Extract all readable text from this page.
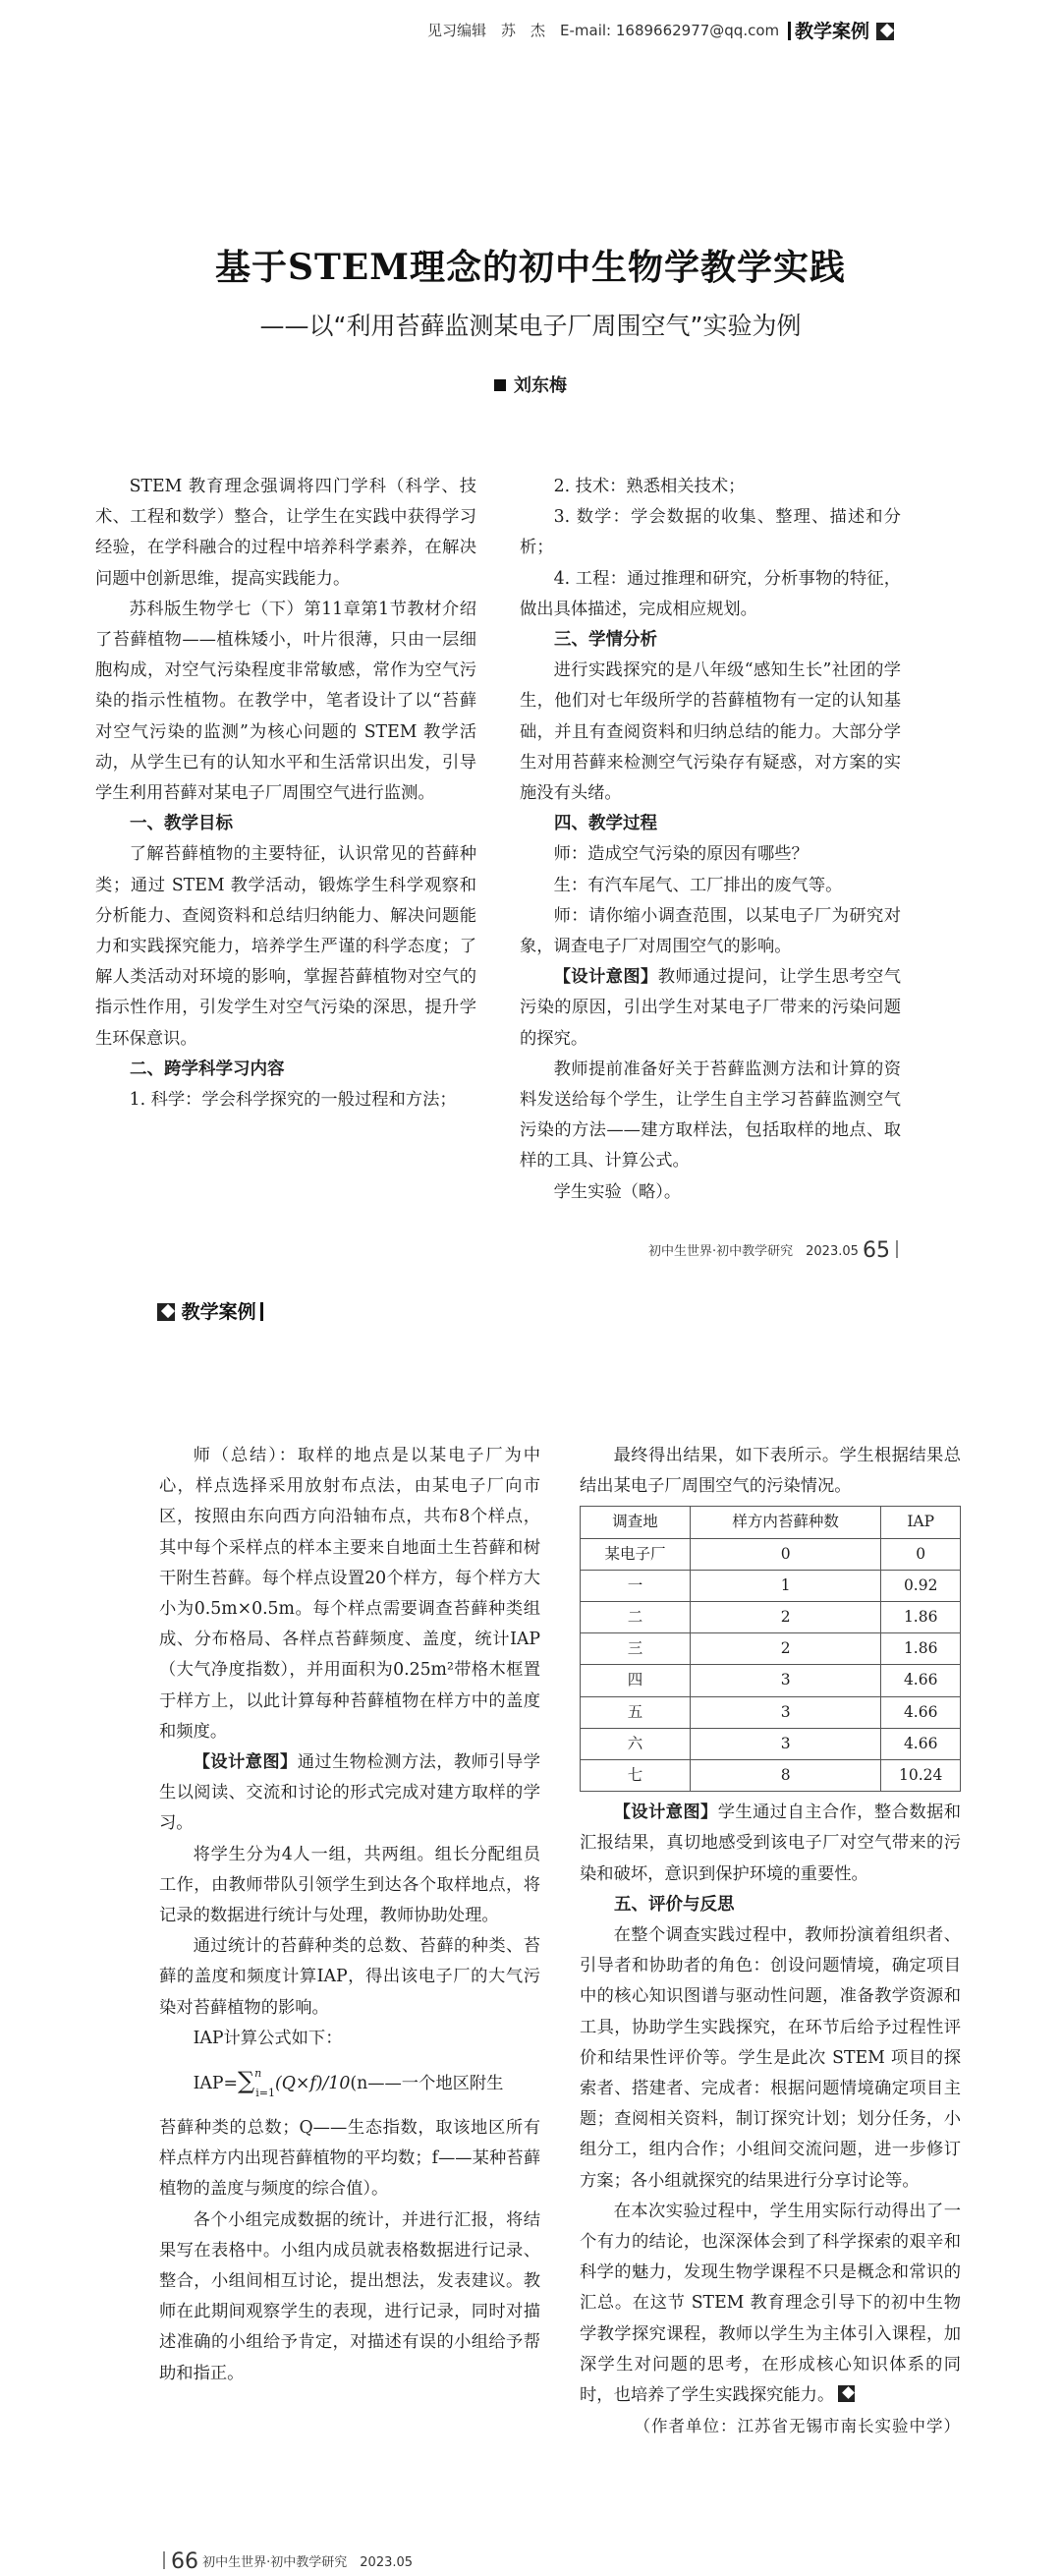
见习编辑　苏　杰　E-mail: 1689662977@qq.com 教学案例
基于STEM理念的初中生物学教学实践
——以“利用苔藓监测某电子厂周围空气”实验为例
刘东梅

STEM 教育理念强调将四门学科（科学、技术、工程和数学）整合，让学生在实践中获得学习经验，在学科融合的过程中培养科学素养，在解决问题中创新思维，提高实践能力。

苏科版生物学七（下）第11章第1节教材介绍了苔藓植物——植株矮小，叶片很薄，只由一层细胞构成，对空气污染程度非常敏感，常作为空气污染的指示性植物。在教学中，笔者设计了以“苔藓对空气污染的监测”为核心问题的 STEM 教学活动，从学生已有的认知水平和生活常识出发，引导学生利用苔藓对某电子厂周围空气进行监测。

一、教学目标

了解苔藓植物的主要特征，认识常见的苔藓种类；通过 STEM 教学活动，锻炼学生科学观察和分析能力、查阅资料和总结归纳能力、解决问题能力和实践探究能力，培养学生严谨的科学态度；了解人类活动对环境的影响，掌握苔藓植物对空气的指示性作用，引发学生对空气污染的深思，提升学生环保意识。

二、跨学科学习内容

1. 科学：学会科学探究的一般过程和方法；

2. 技术：熟悉相关技术；

3. 数学：学会数据的收集、整理、描述和分析；

4. 工程：通过推理和研究，分析事物的特征，做出具体描述，完成相应规划。

三、学情分析

进行实践探究的是八年级“感知生长”社团的学生，他们对七年级所学的苔藓植物有一定的认知基础，并且有查阅资料和归纳总结的能力。大部分学生对用苔藓来检测空气污染存有疑惑，对方案的实施没有头绪。

四、教学过程

师：造成空气污染的原因有哪些？

生：有汽车尾气、工厂排出的废气等。

师：请你缩小调查范围，以某电子厂为研究对象，调查电子厂对周围空气的影响。

【设计意图】教师通过提问，让学生思考空气污染的原因，引出学生对某电子厂带来的污染问题的探究。

教师提前准备好关于苔藓监测方法和计算的资料发送给每个学生，让学生自主学习苔藓监测空气污染的方法——建方取样法，包括取样的地点、取样的工具、计算公式。

学生实验（略）。

初中生世界·初中教学研究　2023.05 65
教学案例

师（总结）：取样的地点是以某电子厂为中心，样点选择采用放射布点法，由某电子厂向市区，按照由东向西方向沿轴布点，共布8个样点，其中每个采样点的样本主要来自地面土生苔藓和树干附生苔藓。每个样点设置20个样方，每个样方大小为0.5m×0.5m。每个样点需要调查苔藓种类组成、分布格局、各样点苔藓频度、盖度，统计IAP（大气净度指数），并用面积为0.25m²带格木框置于样方上，以此计算每种苔藓植物在样方中的盖度和频度。

【设计意图】通过生物检测方法，教师引导学生以阅读、交流和讨论的形式完成对建方取样的学习。

将学生分为4人一组，共两组。组长分配组员工作，由教师带队引领学生到达各个取样地点，将记录的数据进行统计与处理，教师协助处理。

通过统计的苔藓种类的总数、苔藓的种类、苔藓的盖度和频度计算IAP，得出该电子厂的大气污染对苔藓植物的影响。

IAP计算公式如下：

IAP=∑$^n_{i=1}$(Q×f)/10(n——一个地区附生

苔藓种类的总数；Q——生态指数，取该地区所有样点样方内出现苔藓植物的平均数；f——某种苔藓植物的盖度与频度的综合值）。

各个小组完成数据的统计，并进行汇报，将结果写在表格中。小组内成员就表格数据进行记录、整合，小组间相互讨论，提出想法，发表建议。教师在此期间观察学生的表现，进行记录，同时对描述准确的小组给予肯定，对描述有误的小组给予帮助和指正。

最终得出结果，如下表所示。学生根据结果总结出某电子厂周围空气的污染情况。

调查地	样方内苔藓种数	IAP
某电子厂	0	0
一	1	0.92
二	2	1.86
三	2	1.86
四	3	4.66
五	3	4.66
六	3	4.66
七	8	10.24

【设计意图】学生通过自主合作，整合数据和汇报结果，真切地感受到该电子厂对空气带来的污染和破坏，意识到保护环境的重要性。

五、评价与反思

在整个调查实践过程中，教师扮演着组织者、引导者和协助者的角色：创设问题情境，确定项目中的核心知识图谱与驱动性问题，准备教学资源和工具，协助学生实践探究，在环节后给予过程性评价和结果性评价等。学生是此次 STEM 项目的探索者、搭建者、完成者：根据问题情境确定项目主题；查阅相关资料，制订探究计划；划分任务，小组分工，组内合作；小组间交流问题，进一步修订方案；各小组就探究的结果进行分享讨论等。

在本次实验过程中，学生用实际行动得出了一个有力的结论，也深深体会到了科学探索的艰辛和科学的魅力，发现生物学课程不只是概念和常识的汇总。在这节 STEM 教育理念引导下的初中生物学教学探究课程，教师以学生为主体引入课程，加深学生对问题的思考，在形成核心知识体系的同时，也培养了学生实践探究能力。

（作者单位：江苏省无锡市南长实验中学）
66 初中生世界·初中教学研究　2023.05
